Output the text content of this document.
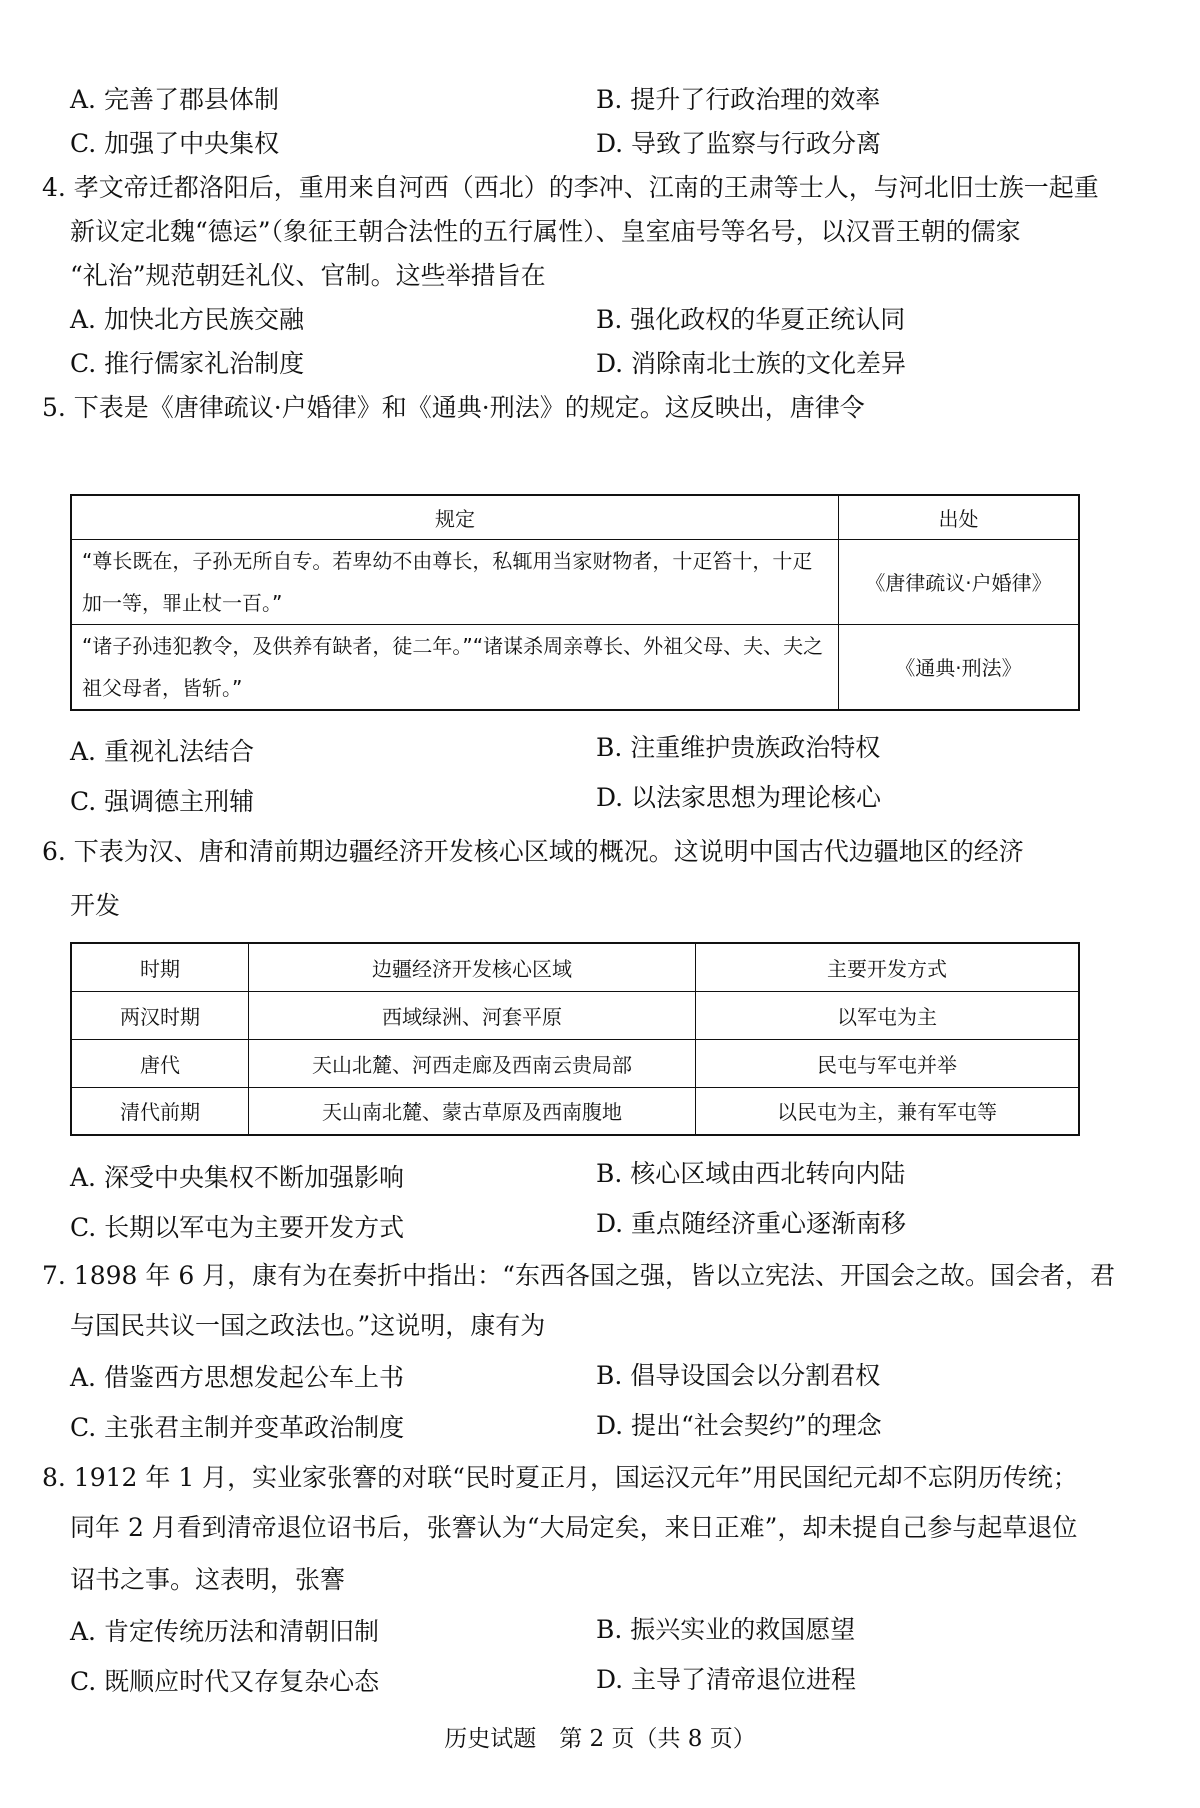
A. 完善了郡县体制	B. 提升了行政治理的效率
C. 加强了中央集权	D. 导致了监察与行政分离
4. 孝文帝迁都洛阳后，重用来自河西（西北）的李冲、江南的王肃等士人，与河北旧士族一起重
新议定北魏“德运”（象征王朝合法性的五行属性）、皇室庙号等名号，以汉晋王朝的儒家
“礼治”规范朝廷礼仪、官制。这些举措旨在
A. 加快北方民族交融	B. 强化政权的华夏正统认同
C. 推行儒家礼治制度	D. 消除南北士族的文化差异
5. 下表是《唐律疏议·户婚律》和《通典·刑法》的规定。这反映出，唐律令
规定	出处
“尊长既在，子孙无所自专。若卑幼不由尊长，私辄用当家财物者，十疋笞十，十疋加一等，罪止杖一百。”	《唐律疏议·户婚律》
“诸子孙违犯教令，及供养有缺者，徒二年。”“诸谋杀周亲尊长、外祖父母、夫、夫之祖父母者，皆斩。”	《通典·刑法》
A. 重视礼法结合	B. 注重维护贵族政治特权
C. 强调德主刑辅	D. 以法家思想为理论核心
6. 下表为汉、唐和清前期边疆经济开发核心区域的概况。这说明中国古代边疆地区的经济
开发
时期	边疆经济开发核心区域	主要开发方式
两汉时期	西域绿洲、河套平原	以军屯为主
唐代	天山北麓、河西走廊及西南云贵局部	民屯与军屯并举
清代前期	天山南北麓、蒙古草原及西南腹地	以民屯为主，兼有军屯等
A. 深受中央集权不断加强影响	B. 核心区域由西北转向内陆
C. 长期以军屯为主要开发方式	D. 重点随经济重心逐渐南移
7. 1898 年 6 月，康有为在奏折中指出：“东西各国之强，皆以立宪法、开国会之故。国会者，君
与国民共议一国之政法也。”这说明，康有为
A. 借鉴西方思想发起公车上书	B. 倡导设国会以分割君权
C. 主张君主制并变革政治制度	D. 提出“社会契约”的理念
8. 1912 年 1 月，实业家张謇的对联“民时夏正月，国运汉元年”用民国纪元却不忘阴历传统；
同年 2 月看到清帝退位诏书后，张謇认为“大局定矣，来日正难”，却未提自己参与起草退位
诏书之事。这表明，张謇
A. 肯定传统历法和清朝旧制	B. 振兴实业的救国愿望
C. 既顺应时代又存复杂心态	D. 主导了清帝退位进程
历史试题　第 2 页（共 8 页）
